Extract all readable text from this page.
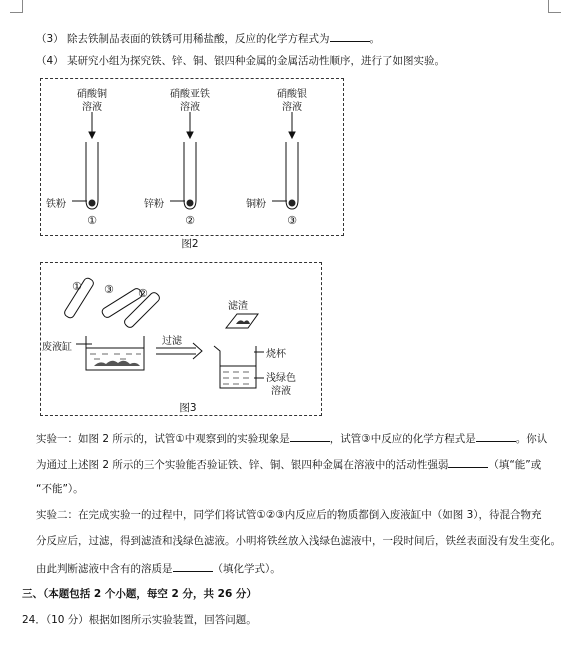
（3） 除去铁制品表面的铁锈可用稀盐酸，反应的化学方程式为	。
（4） 某研究小组为探究铁、锌、铜、银四种金属的金属活动性顺序，进行了如图实验。
硝酸铜
溶液
硝酸亚铁
溶液
硝酸银
溶液
铁粉	锌粉	铜粉
①	②	③
图2
① ③ ②
废液缸
过滤
滤渣
烧杯
浅绿色
溶液
图3
实验一：如图 2 所示的，试管①中观察到的实验现象是	，试管③中反应的化学方程式是	。你认
为通过上述图 2 所示的三个实验能否验证铁、锌、铜、银四种金属在溶液中的活动性强弱	（填“能”或
“不能”）。
实验二：在完成实验一的过程中，同学们将试管①②③内反应后的物质都倒入废液缸中（如图 3），待混合物充
分反应后，过滤，得到滤渣和浅绿色滤液。小明将铁丝放入浅绿色滤液中，一段时间后，铁丝表面没有发生变化。
由此判断滤液中含有的溶质是	（填化学式）。
三、（本题包括 2 个小题，每空 2 分，共 26 分）
24．（10 分）根据如图所示实验装置，回答问题。
